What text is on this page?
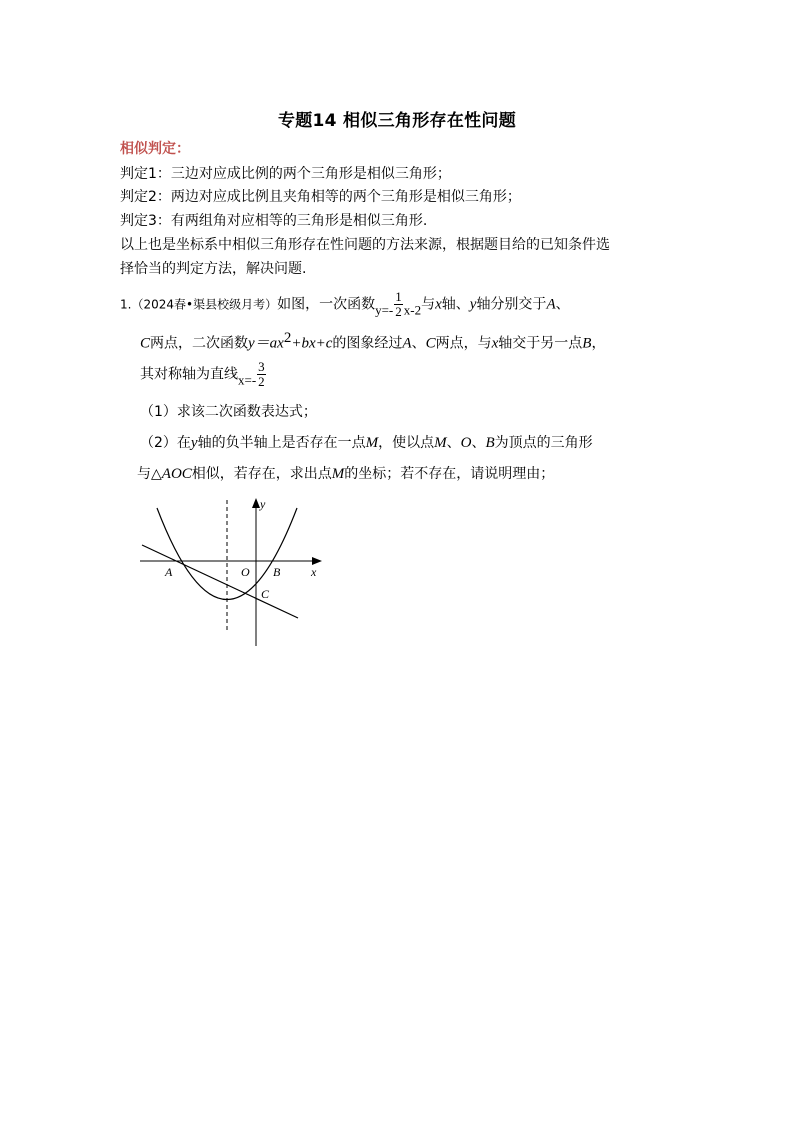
专题14 相似三角形存在性问题
相似判定：
判定1：三边对应成比例的两个三角形是相似三角形；
判定2：两边对应成比例且夹角相等的两个三角形是相似三角形；
判定3：有两组角对应相等的三角形是相似三角形.
以上也是坐标系中相似三角形存在性问题的方法来源，根据题目给的已知条件选
择恰当的判定方法，解决问题.
1.（2024春•渠县校级月考）如图，一次函数$y=- \frac{1}{2} x-2$与x轴、y轴分别交于A、
C两点，二次函数$y=ax^2+bx+c$的图象经过A、C两点，与x轴交于另一点B，
其对称轴为直线$x=- \frac{3}{2}$
（1）求该二次函数表达式；
（2）在y轴的负半轴上是否存在一点M，使以点M、O、B为顶点的三角形
与△AOC相似，若存在，求出点M的坐标；若不存在，请说明理由；
y
x
A	O B
C
